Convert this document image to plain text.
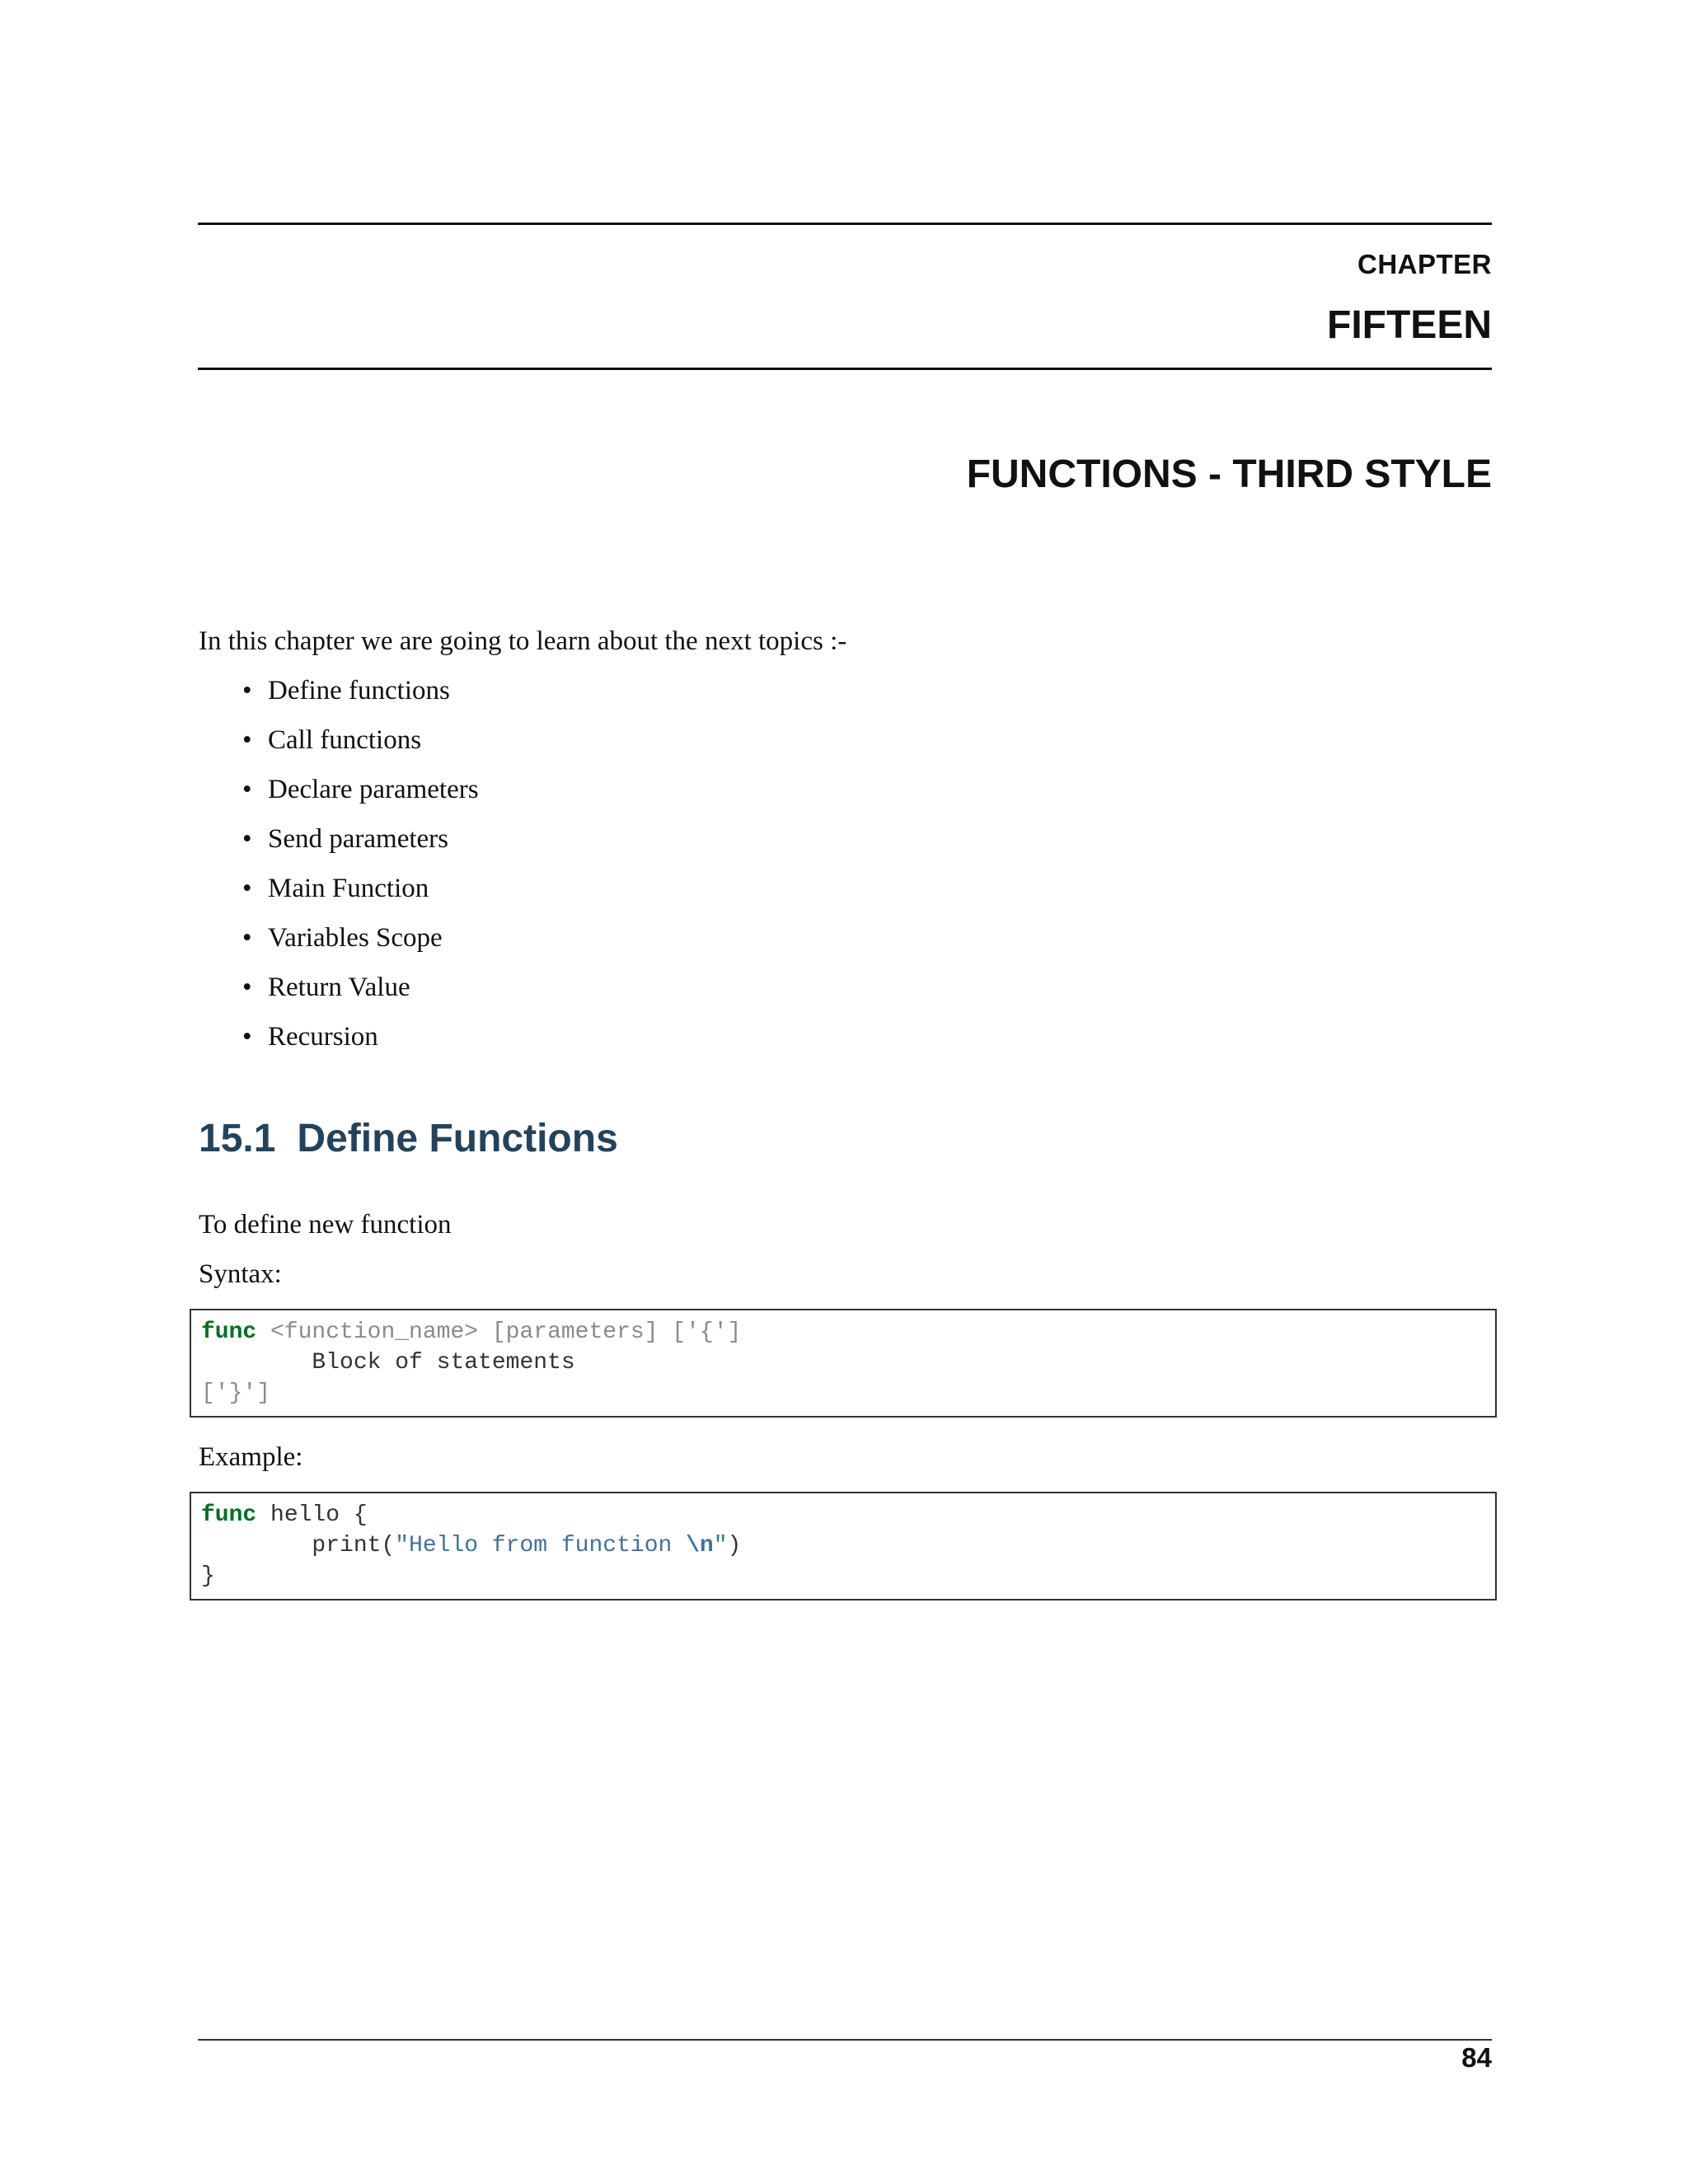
CHAPTER
FIFTEEN
FUNCTIONS - THIRD STYLE
In this chapter we are going to learn about the next topics :-
• Define functions
• Call functions
• Declare parameters
• Send parameters
• Main Function
• Variables Scope
• Return Value
• Recursion
15.1 Define Functions
To define new function
Syntax:
func <function_name> [parameters] ['{']
Block of statements
['}']
Example:
func hello {
print("Hello from function \n")
}
84
